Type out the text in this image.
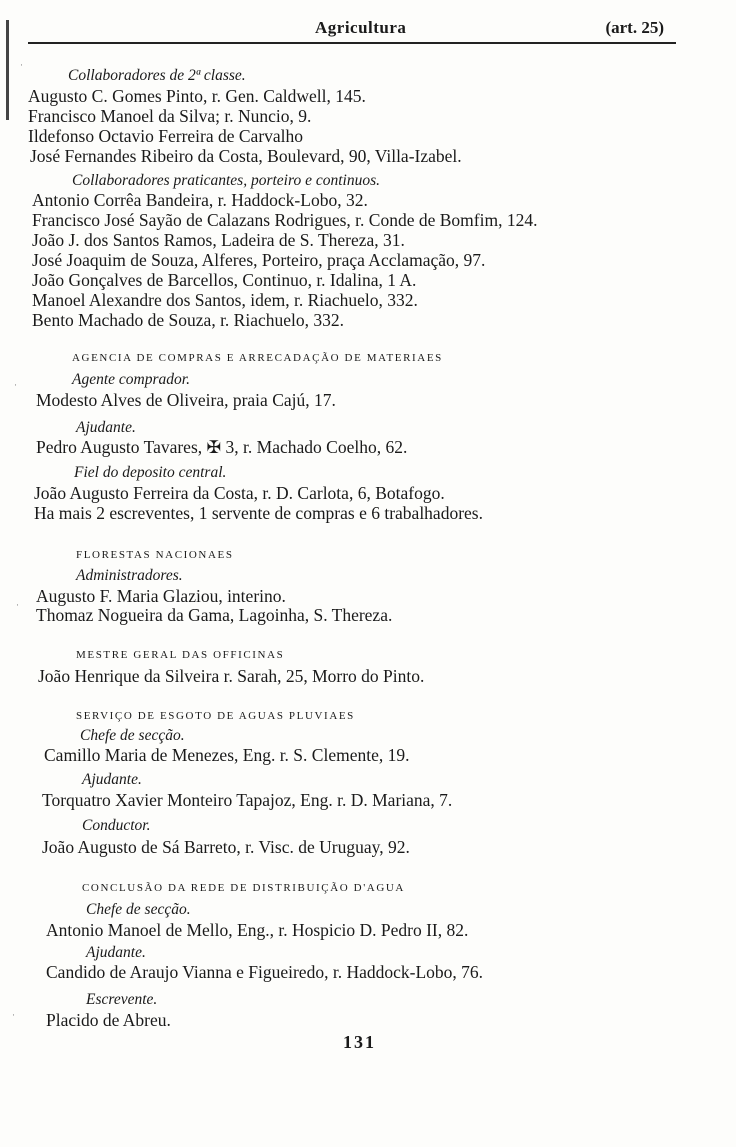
Agricultura	(art. 25)
Collaboradores de 2ª classe.
Augusto C. Gomes Pinto, r. Gen. Caldwell, 145.
Francisco Manoel da Silva; r. Nuncio, 9.
Ildefonso Octavio Ferreira de Carvalho
José Fernandes Ribeiro da Costa, Boulevard, 90, Villa-Izabel.
Collaboradores praticantes, porteiro e continuos.
Antonio Corrêa Bandeira, r. Haddock-Lobo, 32.
Francisco José Sayão de Calazans Rodrigues, r. Conde de Bomfim, 124.
João J. dos Santos Ramos, Ladeira de S. Thereza, 31.
José Joaquim de Souza, Alferes, Porteiro, praça Acclamação, 97.
João Gonçalves de Barcellos, Continuo, r. Idalina, 1 A.
Manoel Alexandre dos Santos, idem, r. Riachuelo, 332.
Bento Machado de Souza, r. Riachuelo, 332.
AGENCIA DE COMPRAS E ARRECADAÇÃO DE MATERIAES
Agente comprador.
Modesto Alves de Oliveira, praia Cajú, 17.
Ajudante.
Pedro Augusto Tavares, ✠ 3, r. Machado Coelho, 62.
Fiel do deposito central.
João Augusto Ferreira da Costa, r. D. Carlota, 6, Botafogo.
Ha mais 2 escreventes, 1 servente de compras e 6 trabalhadores.
FLORESTAS NACIONAES
Administradores.
Augusto F. Maria Glaziou, interino.
Thomaz Nogueira da Gama, Lagoinha, S. Thereza.
MESTRE GERAL DAS OFFICINAS
João Henrique da Silveira r. Sarah, 25, Morro do Pinto.
SERVIÇO DE ESGOTO DE AGUAS PLUVIAES
Chefe de secção.
Camillo Maria de Menezes, Eng. r. S. Clemente, 19.
Ajudante.
Torquatro Xavier Monteiro Tapajoz, Eng. r. D. Mariana, 7.
Conductor.
João Augusto de Sá Barreto, r. Visc. de Uruguay, 92.
CONCLUSÃO DA REDE DE DISTRIBUIÇÃO D'AGUA
Chefe de secção.
Antonio Manoel de Mello, Eng., r. Hospicio D. Pedro II, 82.
Ajudante.
Candido de Araujo Vianna e Figueiredo, r. Haddock-Lobo, 76.
Escrevente.
Placido de Abreu.
·
·
·
·
131
